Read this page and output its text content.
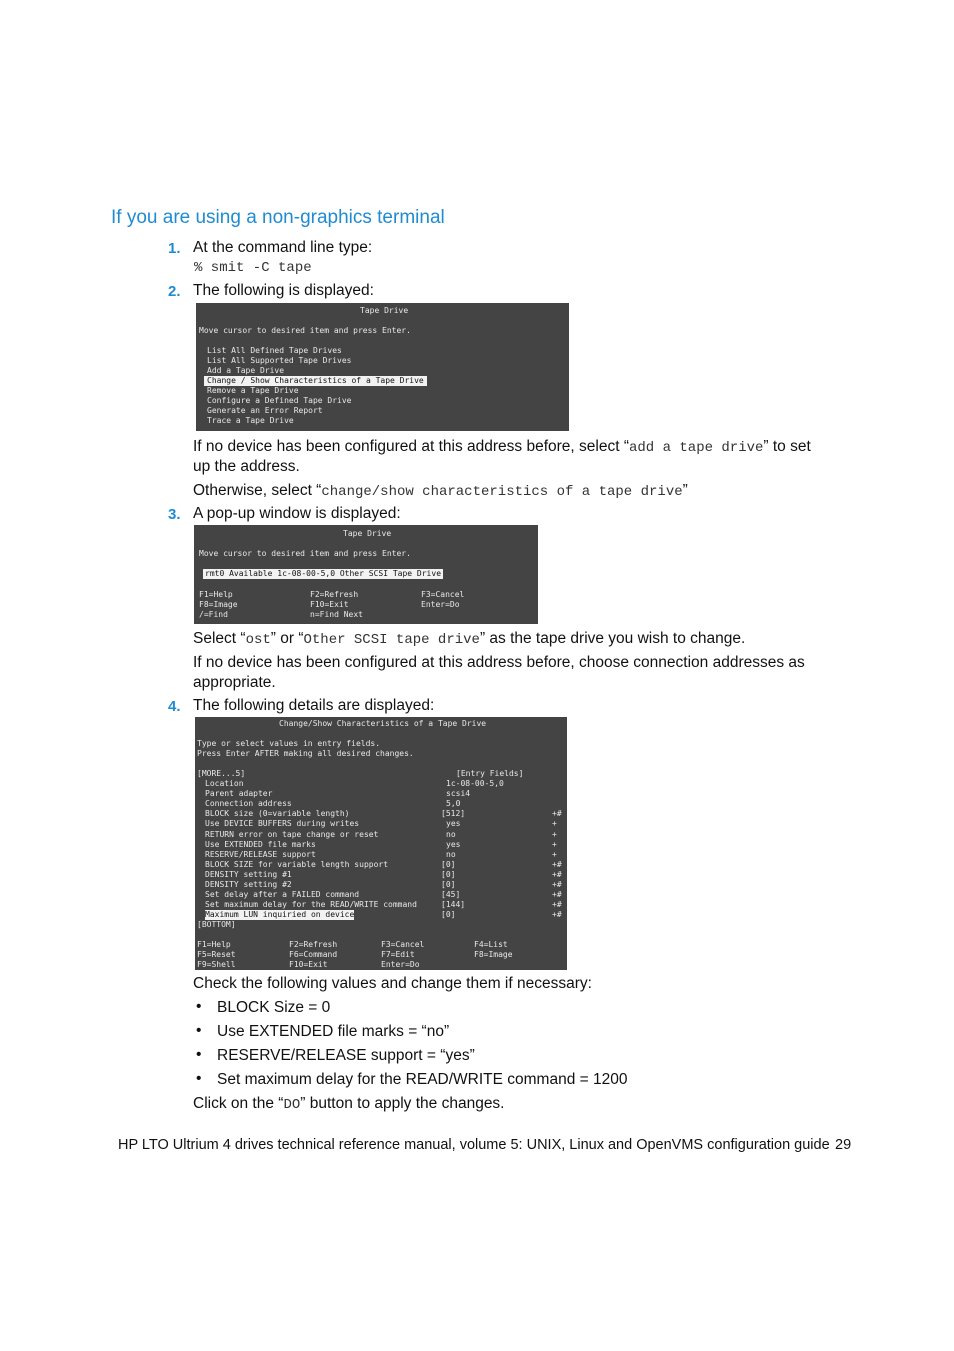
If you are using a non-graphics terminal
1. At the command line type:
% smit -C tape
2. The following is displayed:
Tape Drive
Move cursor to desired item and press Enter.
List All Defined Tape Drives
List All Supported Tape Drives
Add a Tape Drive
Change / Show Characteristics of a Tape Drive
Remove a Tape Drive
Configure a Defined Tape Drive
Generate an Error Report
Trace a Tape Drive
If no device has been configured at this address before, select “add a tape drive” to set
up the address.
Otherwise, select “change/show characteristics of a tape drive”
3. A pop-up window is displayed:
Tape Drive
Move cursor to desired item and press Enter.
rmt0 Available 1c-08-00-5,0 Other SCSI Tape Drive
F1=Help	F2=Refresh	F3=Cancel
F8=Image	F10=Exit	Enter=Do
/=Find	n=Find Next
Select “ost” or “Other SCSI tape drive” as the tape drive you wish to change.
If no device has been configured at this address before, choose connection addresses as
appropriate.
4. The following details are displayed:
Change/Show Characteristics of a Tape Drive
Type or select values in entry fields.
Press Enter AFTER making all desired changes.
[MORE...5]	[Entry Fields]
Location	1c-08-00-5,0
Parent adapter	scsi4
Connection address	5,0
BLOCK size (0=variable length)	[512]	+#
Use DEVICE BUFFERS during writes	yes	+
RETURN error on tape change or reset	no	+
Use EXTENDED file marks	yes	+
RESERVE/RELEASE support	no	+
BLOCK SIZE for variable length support	[0]	+#
DENSITY setting #1	[0]	+#
DENSITY setting #2	[0]	+#
Set delay after a FAILED command	[45]	+#
Set maximum delay for the READ/WRITE command	[144]	+#
Maximum LUN inquiried on device	[0]	+#
[BOTTOM]
F1=Help	F2=Refresh	F3=Cancel	F4=List
F5=Reset	F6=Command	F7=Edit	F8=Image
F9=Shell	F10=Exit	Enter=Do
Check the following values and change them if necessary:
• BLOCK Size = 0
• Use EXTENDED file marks = “no”
• RESERVE/RELEASE support = “yes”
• Set maximum delay for the READ/WRITE command = 1200
Click on the “DO” button to apply the changes.
HP LTO Ultrium 4 drives technical reference manual, volume 5: UNIX, Linux and OpenVMS configuration guide 29
